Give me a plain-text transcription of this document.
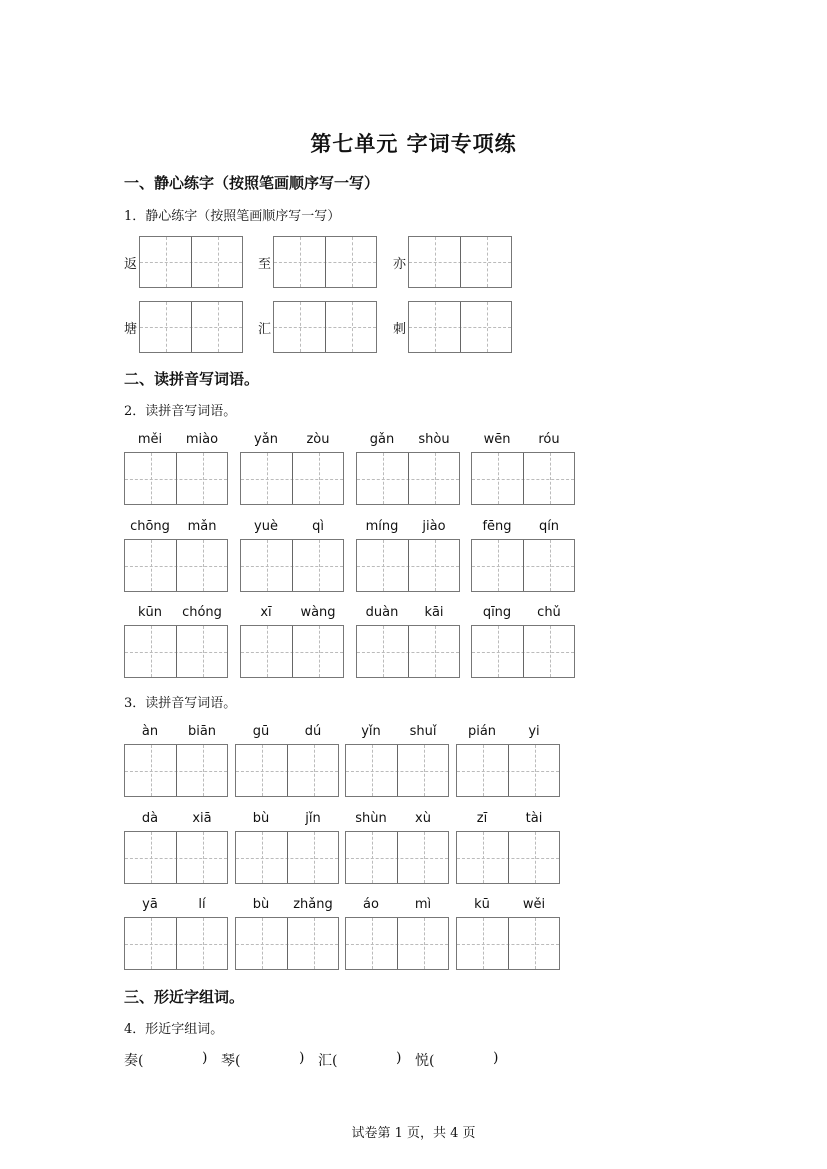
第七单元 字词专项练
一、静心练字（按照笔画顺序写一写）
1．静心练字（按照笔画顺序写一写）
二、读拼音写词语。
2．读拼音写词语。
3．读拼音写词语。
三、形近字组词。
4．形近字组词。
试卷第 1 页，共 4 页
返	至	亦
塘	汇	刺
měi	miào	yǎn	zòu	gǎn	shòu	wēn	róu
chōng	mǎn	yuè	qì	míng	jiào	fēng	qín
kūn	chóng	xī	wàng	duàn	kāi	qīng	chǔ
àn	biān	gū	dú	yǐn	shuǐ	pián	yi
dà	xiā	bù	jǐn	shùn	xù	zī	tài
yā	lí	bù	zhǎng	áo	mì	kū	wěi
奏(	) 琴(	) 汇(	) 悦(	)
